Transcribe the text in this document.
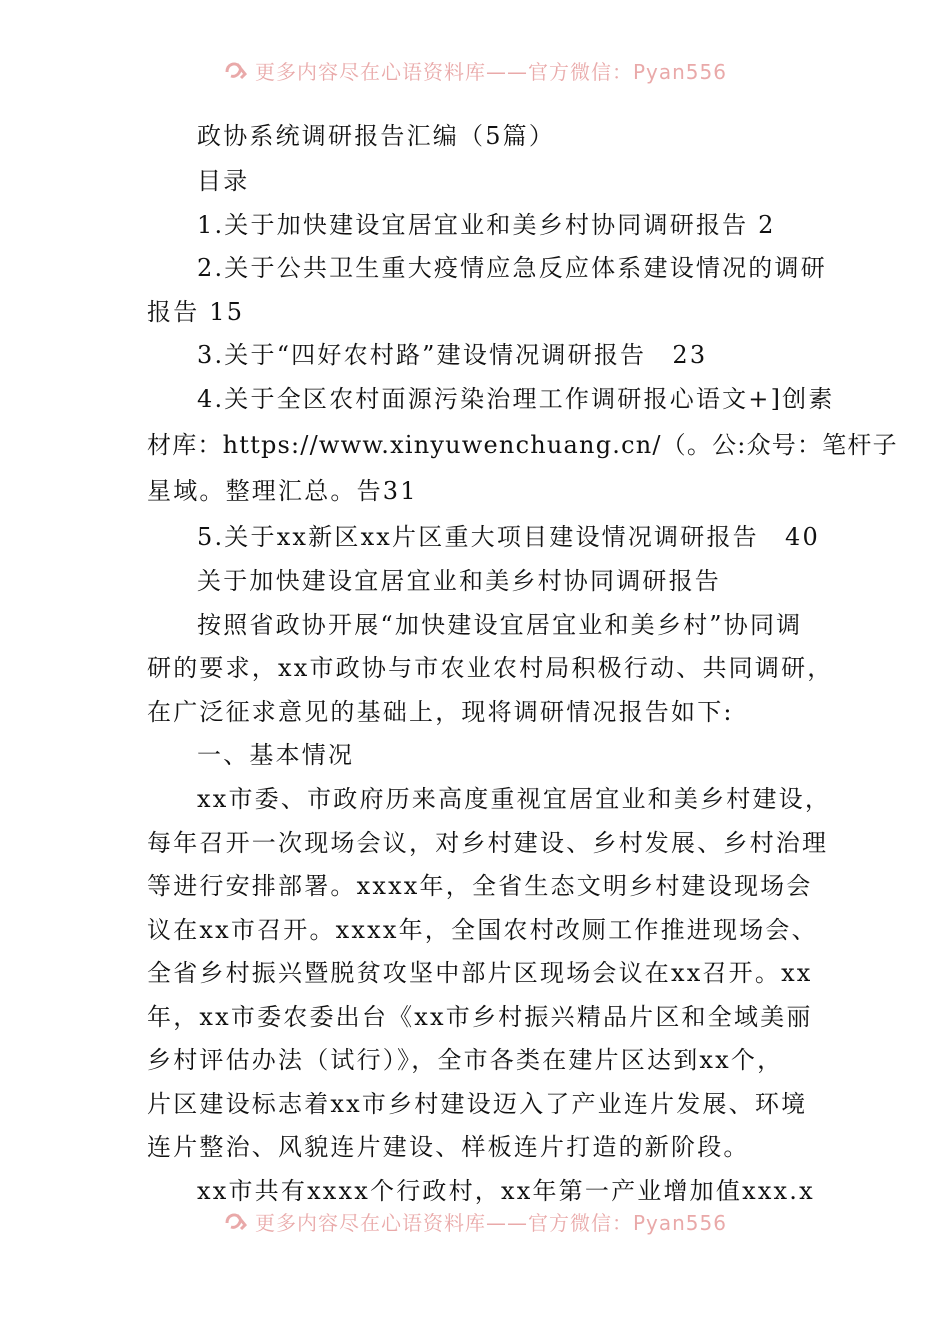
更多内容尽在心语资料库——官方微信：Pyan556
政协系统调研报告汇编（5篇）
目录
1.关于加快建设宜居宜业和美乡村协同调研报告 2
2.关于公共卫生重大疫情应急反应体系建设情况的调研
报告 15
3.关于“四好农村路”建设情况调研报告　23
4.关于全区农村面源污染治理工作调研报心语文+]创素
材库：https://www.xinyuwenchuang.cn/（。公:众号：笔杆子
星域。整理汇总。告31
5.关于xx新区xx片区重大项目建设情况调研报告　40
关于加快建设宜居宜业和美乡村协同调研报告
按照省政协开展“加快建设宜居宜业和美乡村”协同调
研的要求，xx市政协与市农业农村局积极行动、共同调研，
在广泛征求意见的基础上，现将调研情况报告如下:
一、基本情况
xx市委、市政府历来高度重视宜居宜业和美乡村建设，
每年召开一次现场会议，对乡村建设、乡村发展、乡村治理
等进行安排部署。xxxx年，全省生态文明乡村建设现场会
议在xx市召开。xxxx年，全国农村改厕工作推进现场会、
全省乡村振兴暨脱贫攻坚中部片区现场会议在xx召开。xx
年，xx市委农委出台《xx市乡村振兴精品片区和全域美丽
乡村评估办法（试行）》，全市各类在建片区达到xx个，
片区建设标志着xx市乡村建设迈入了产业连片发展、环境
连片整治、风貌连片建设、样板连片打造的新阶段。
xx市共有xxxx个行政村，xx年第一产业增加值xxx.x
更多内容尽在心语资料库——官方微信：Pyan556
